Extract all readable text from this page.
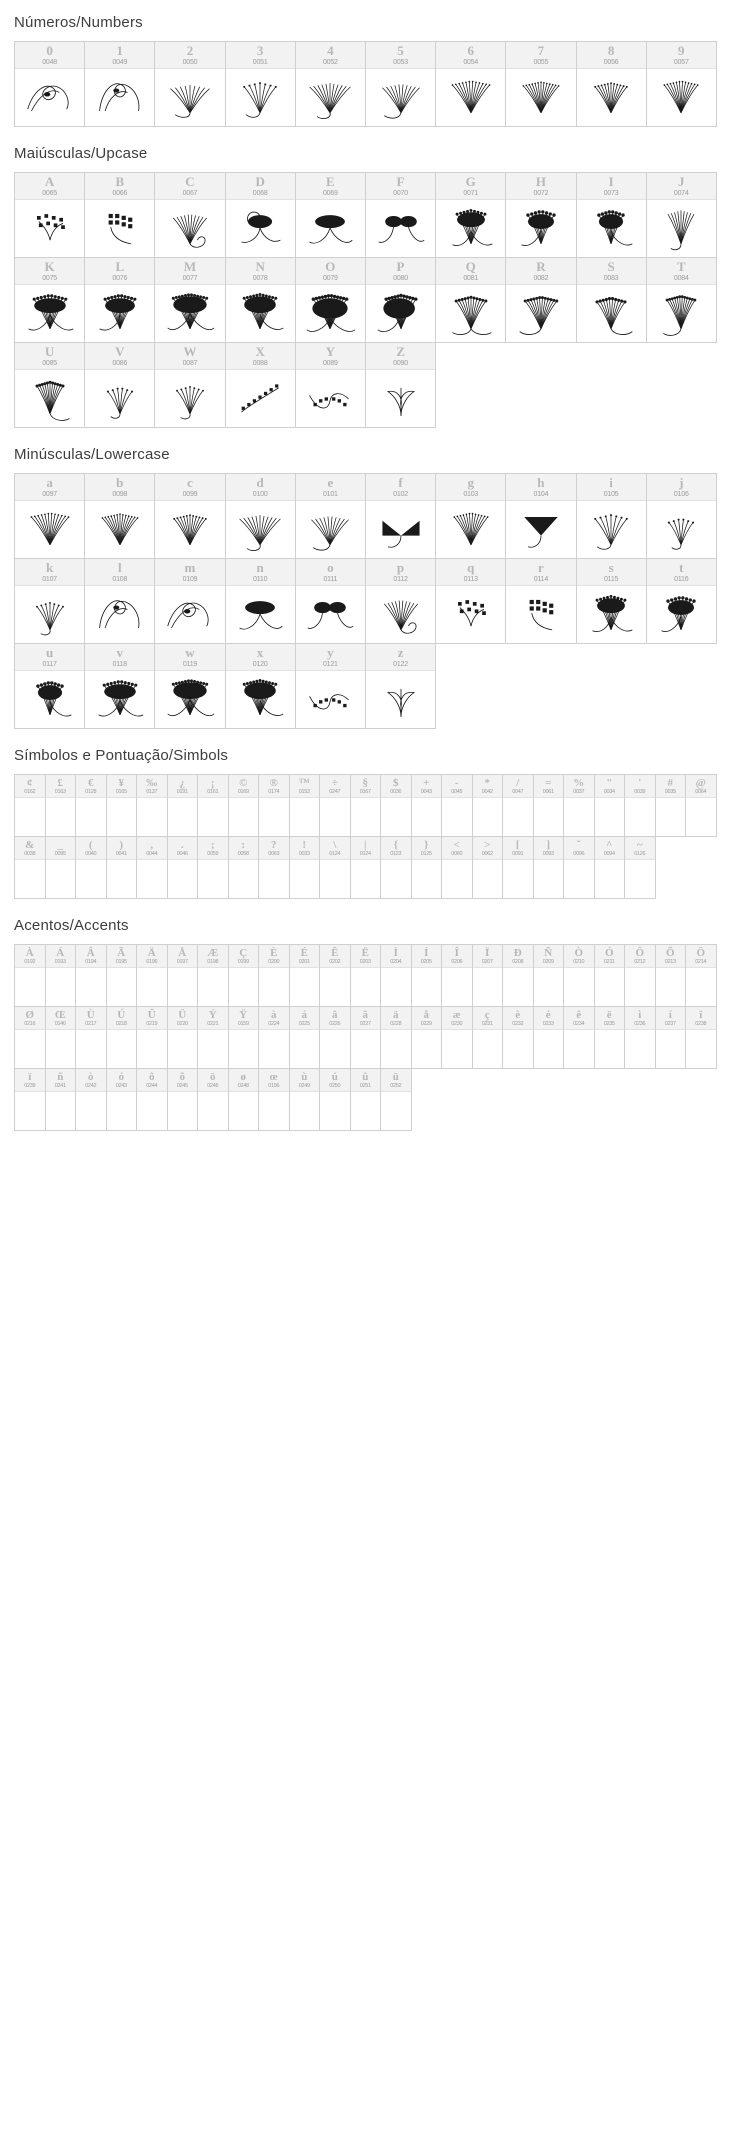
Números/Numbers
0
0048
1
0049
2
0050
3
0051
4
0052
5
0053
6
0054
7
0055
8
0056
9
0057
Maiúsculas/Upcase
A
0065
B
0066
C
0067
D
0068
E
0069
F
0070
G
0071
H
0072
I
0073
J
0074
K
0075
L
0076
M
0077
N
0078
O
0079
P
0080
Q
0081
R
0082
S
0083
T
0084
U
0085
V
0086
W
0087
X
0088
Y
0089
Z
0090
Minúsculas/Lowercase
a
0097
b
0098
c
0099
d
0100
e
0101
f
0102
g
0103
h
0104
i
0105
j
0106
k
0107
l
0108
m
0109
n
0110
o
0111
p
0112
q
0113
r
0114
s
0115
t
0116
u
0117
v
0118
w
0119
x
0120
y
0121
z
0122
Símbolos e Pontuação/Simbols
¢
0162
£
0163
€
0128
¥
0165
‰
0137
¿
0191
¡
0161
©
0169
®
0174
™
0153
÷
0247
§
0167
$
0036
+
0043
-
0045
*
0042
/
0047
=
0061
%
0037
"
0034
'
0039
#
0035
@
0064
&
0038
_
0095
(
0040
)
0041
,
0044
.
0046
;
0059
:
0058
?
0063
!
0033
\
0124
|
0124
{
0123
}
0125
<
0060
>
0062
[
0091
]
0093
˘
0096
^
0094
~
0126
Acentos/Accents
À
0192
Á
0193
Â
0194
Ã
0195
Ä
0196
Å
0197
Æ
0198
Ç
0199
È
0200
É
0201
Ê
0202
Ë
0203
Ì
0204
Í
0205
Î
0206
Ï
0207
Ð
0208
Ñ
0209
Ò
0210
Ó
0211
Ô
0212
Õ
0213
Ö
0214
Ø
0216
Œ
0140
Ù
0217
Ú
0218
Û
0219
Ü
0220
Ý
0221
Ÿ
0159
à
0224
á
0225
â
0226
ã
0227
ä
0228
å
0229
æ
0230
ç
0231
è
0232
é
0233
ê
0234
ë
0235
ì
0236
í
0237
î
0238
ï
0239
ñ
0241
ò
0242
ó
0243
ô
0244
õ
0245
ö
0246
ø
0248
œ
0156
ù
0249
ú
0250
û
0251
ü
0252
